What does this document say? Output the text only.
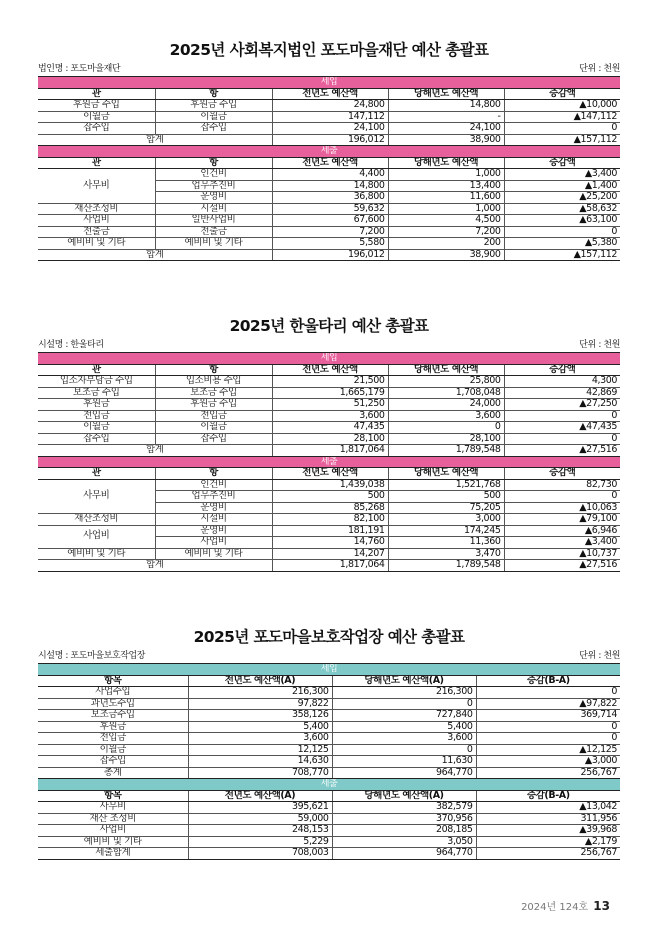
2025년 사회복지법인 포도마을재단 예산 총괄표
법인명 : 포도마을재단	단위 : 천원
세입				
관	항	전년도 예산액	당해년도 예산액	증감액
후원금 수입	후원금 수입	24,800	14,800	▲10,000
이월금	이월금	147,112	-	▲147,112
잡수입	잡수입	24,100	24,100	0
합계		196,012	38,900	▲157,112
세출				
관	항	전년도 예산액	당해년도 예산액	증감액
사무비	인건비	4,400	1,000	▲3,400
	업무추진비	14,800	13,400	▲1,400
	운영비	36,800	11,600	▲25,200
재산조성비	시설비	59,632	1,000	▲58,632
사업비	일반사업비	67,600	4,500	▲63,100
전출금	전출금	7,200	7,200	0
예비비 및 기타	예비비 및 기타	5,580	200	▲5,380
합계		196,012	38,900	▲157,112
2025년 한울타리 예산 총괄표
시설명 : 한울타리	단위 : 천원
세입				
관	항	전년도 예산액	당해년도 예산액	증감액
입소자부담금 수입	입소비용 수입	21,500	25,800	4,300
보조금 수입	보조금 수입	1,665,179	1,708,048	42,869
후원금	후원금 수입	51,250	24,000	▲27,250
전입금	전입금	3,600	3,600	0
이월금	이월금	47,435	0	▲47,435
잡수입	잡수입	28,100	28,100	0
합계		1,817,064	1,789,548	▲27,516
세출				
관	항	전년도 예산액	당해년도 예산액	증감액
사무비	인건비	1,439,038	1,521,768	82,730
	업무추진비	500	500	0
	운영비	85,268	75,205	▲10,063
재산조성비	시설비	82,100	3,000	▲79,100
사업비	운영비	181,191	174,245	▲6,946
	사업비	14,760	11,360	▲3,400
예비비 및 기타	예비비 및 기타	14,207	3,470	▲10,737
합계		1,817,064	1,789,548	▲27,516
2025년 포도마을보호작업장 예산 총괄표
시설명 : 포도마을보호작업장	단위 : 천원
세입			
항목	전년도 예산액(A)	당해년도 예산액(A)	증감(B-A)
사업수입	216,300	216,300	0
과년도수입	97,822	0	▲97,822
보조금수입	358,126	727,840	369,714
후원금	5,400	5,400	0
전입금	3,600	3,600	0
이월금	12,125	0	▲12,125
잡수입	14,630	11,630	▲3,000
총계	708,770	964,770	256,767
세출			
항목	전년도 예산액(A)	당해년도 예산액(A)	증감(B-A)
사무비	395,621	382,579	▲13,042
재산 조성비	59,000	370,956	311,956
사업비	248,153	208,185	▲39,968
예비비 및 기타	5,229	3,050	▲2,179
세출합계	708,003	964,770	256,767
2024년 124호 13
